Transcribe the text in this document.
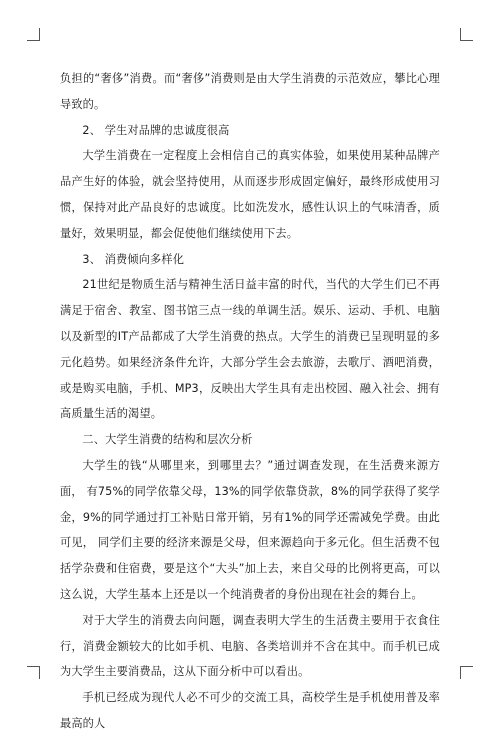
负担的“奢侈”消费。而“奢侈”消费则是由大学生消费的示范效应，攀比心理导致的。

2、 学生对品牌的忠诚度很高

大学生消费在一定程度上会相信自己的真实体验，如果使用某种品牌产品产生好的体验，就会坚持使用，从而逐步形成固定偏好，最终形成使用习惯，保持对此产品良好的忠诚度。比如洗发水，感性认识上的气味清香，质量好，效果明显，都会促使他们继续使用下去。

3、 消费倾向多样化

21世纪是物质生活与精神生活日益丰富的时代，当代的大学生们已不再满足于宿舍、教室、图书馆三点一线的单调生活。娱乐、运动、手机、电脑以及新型的IT产品都成了大学生消费的热点。大学生的消费已呈现明显的多元化趋势。如果经济条件允许，大部分学生会去旅游，去歌厅、酒吧消费，或是购买电脑，手机、MP3，反映出大学生具有走出校园、融入社会、拥有高质量生活的渴望。

二、大学生消费的结构和层次分析

大学生的钱“从哪里来，到哪里去？”通过调查发现，在生活费来源方面， 有75%的同学依靠父母，13%的同学依靠贷款，8%的同学获得了奖学金，9%的同学通过打工补贴日常开销，另有1%的同学还需减免学费。由此可见， 同学们主要的经济来源是父母，但来源趋向于多元化。但生活费不包括学杂费和住宿费，要是这个“大头”加上去，来自父母的比例将更高，可以这么说，大学生基本上还是以一个纯消费者的身份出现在社会的舞台上。

对于大学生的消费去向问题，调查表明大学生的生活费主要用于衣食住行，消费金额较大的比如手机、电脑、各类培训并不含在其中。而手机已成为大学生主要消费品，这从下面分析中可以看出。

手机已经成为现代人必不可少的交流工具，高校学生是手机使用普及率最高的人
